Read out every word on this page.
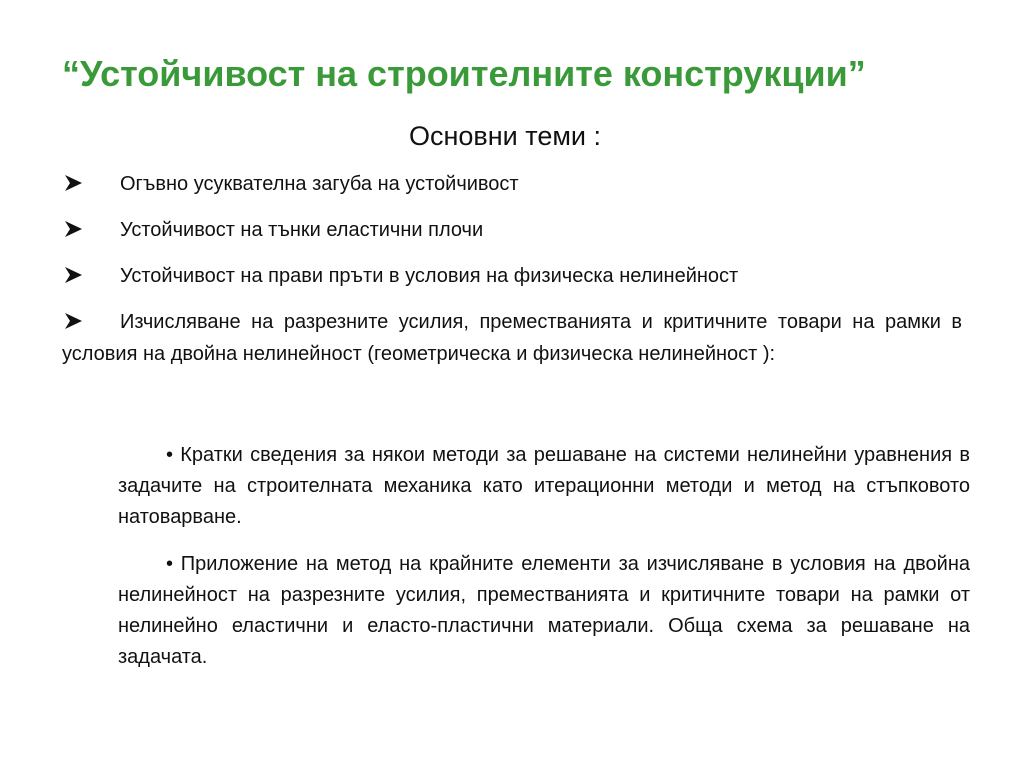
“Устойчивост на строителните конструкции”
Основни теми :
Огъвно усуквателна загуба на устойчивост
Устойчивост на тънки еластични плочи
Устойчивост на прави пръти в условия на физическа нелинейност
Изчисляване на разрезните усилия, преместванията и критичните товари на рамки в условия на двойна нелинейност (геометрическа и физическа нелинейност ):
• Кратки сведения за някои методи за решаване на системи нелинейни уравнения в задачите на строителната механика като итерационни методи и метод на стъпковото натоварване.
• Приложение на метод на крайните елементи за изчисляване в условия на двойна нелинейност на разрезните усилия, преместванията и критичните товари на рамки от нелинейно еластични и еласто-пластични материали. Обща схема за решаване на задачата.
